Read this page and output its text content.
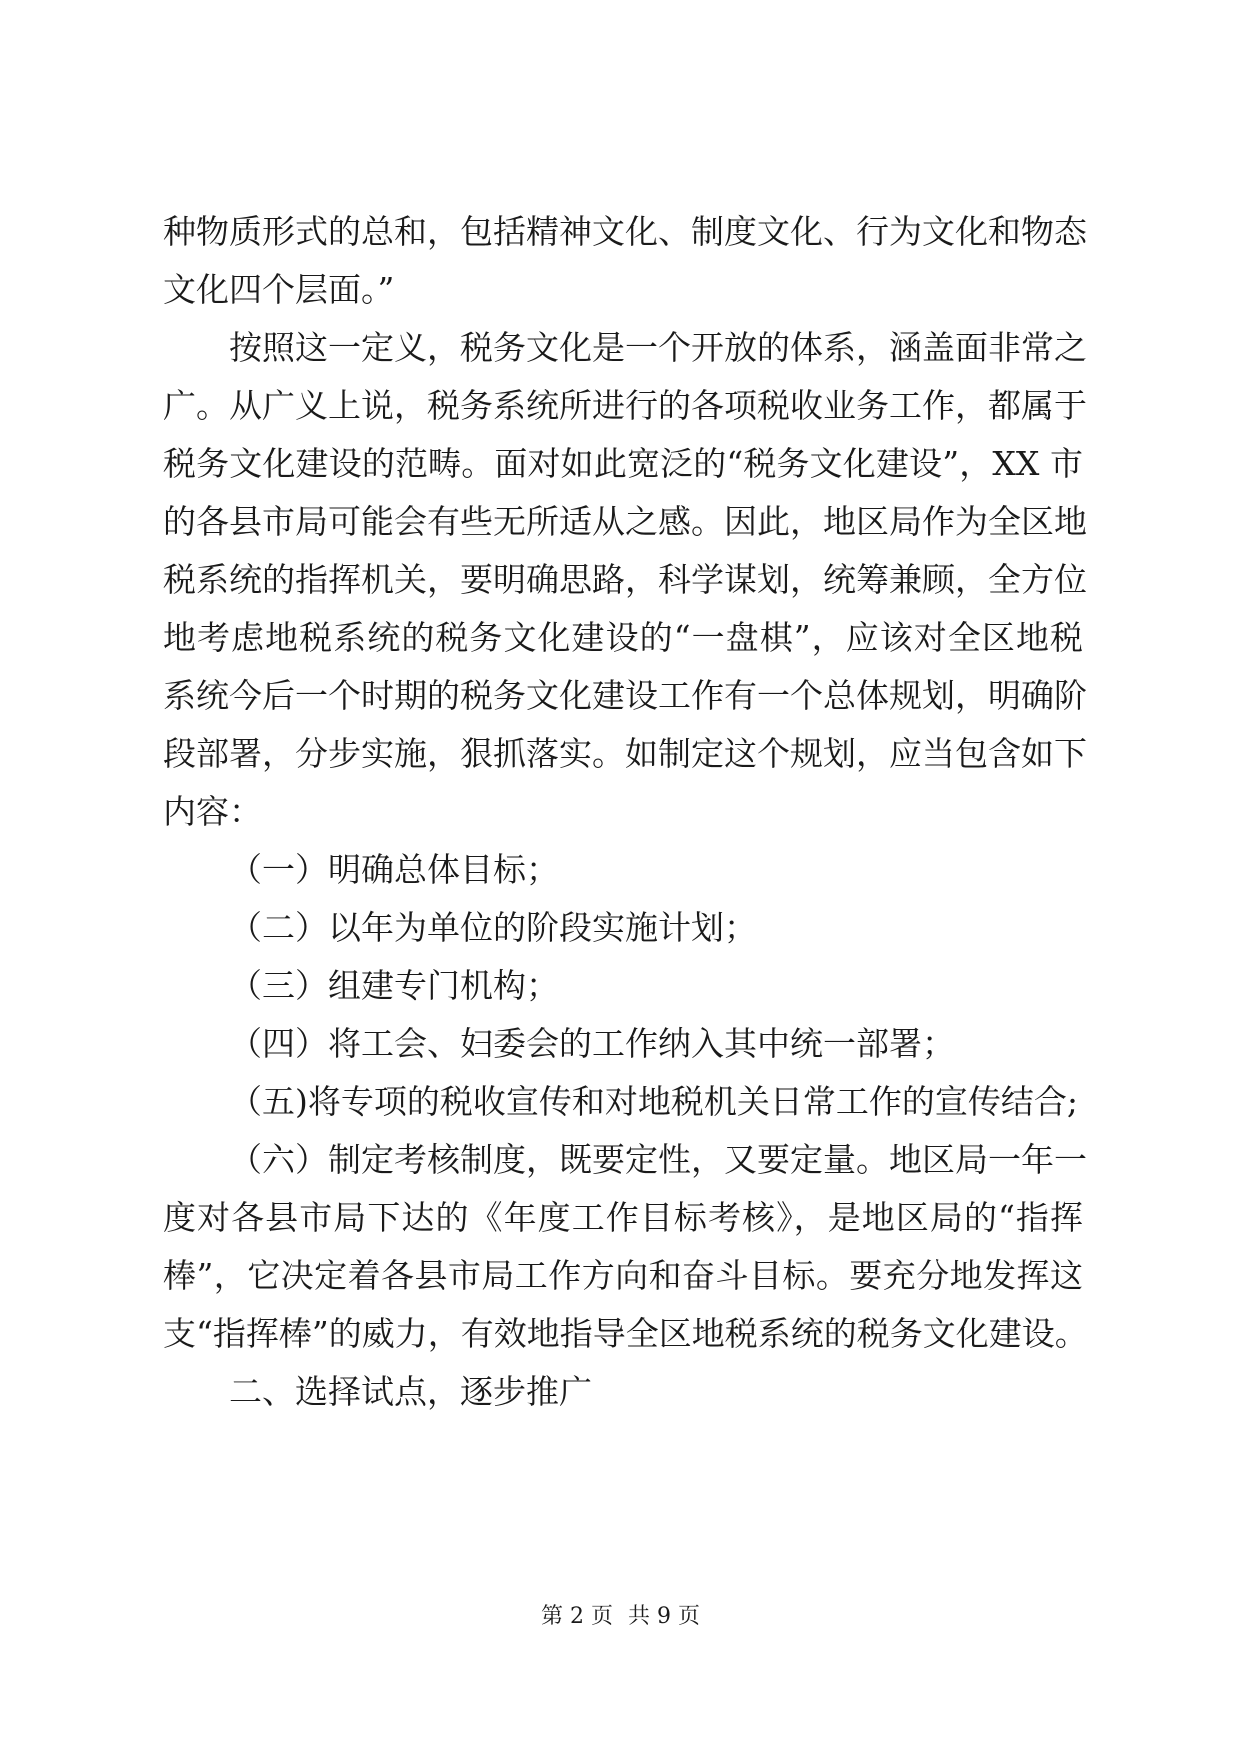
种物质形式的总和，包括精神文化、制度文化、行为文化和物态
文化四个层面。”
按照这一定义，税务文化是一个开放的体系，涵盖面非常之
广。从广义上说，税务系统所进行的各项税收业务工作，都属于
税务文化建设的范畴。面对如此宽泛的“税务文化建设”，XX 市
的各县市局可能会有些无所适从之感。因此，地区局作为全区地
税系统的指挥机关，要明确思路，科学谋划，统筹兼顾，全方位
地考虑地税系统的税务文化建设的“一盘棋”，应该对全区地税
系统今后一个时期的税务文化建设工作有一个总体规划，明确阶
段部署，分步实施，狠抓落实。如制定这个规划，应当包含如下
内容：
（一）明确总体目标；
（二）以年为单位的阶段实施计划；
（三）组建专门机构；
（四）将工会、妇委会的工作纳入其中统一部署；
（五)将专项的税收宣传和对地税机关日常工作的宣传结合;
（六）制定考核制度，既要定性，又要定量。地区局一年一
度对各县市局下达的《年度工作目标考核》，是地区局的“指挥
棒”，它决定着各县市局工作方向和奋斗目标。要充分地发挥这
支“指挥棒”的威力，有效地指导全区地税系统的税务文化建设。
二、选择试点，逐步推广
第 2 页 共 9 页
